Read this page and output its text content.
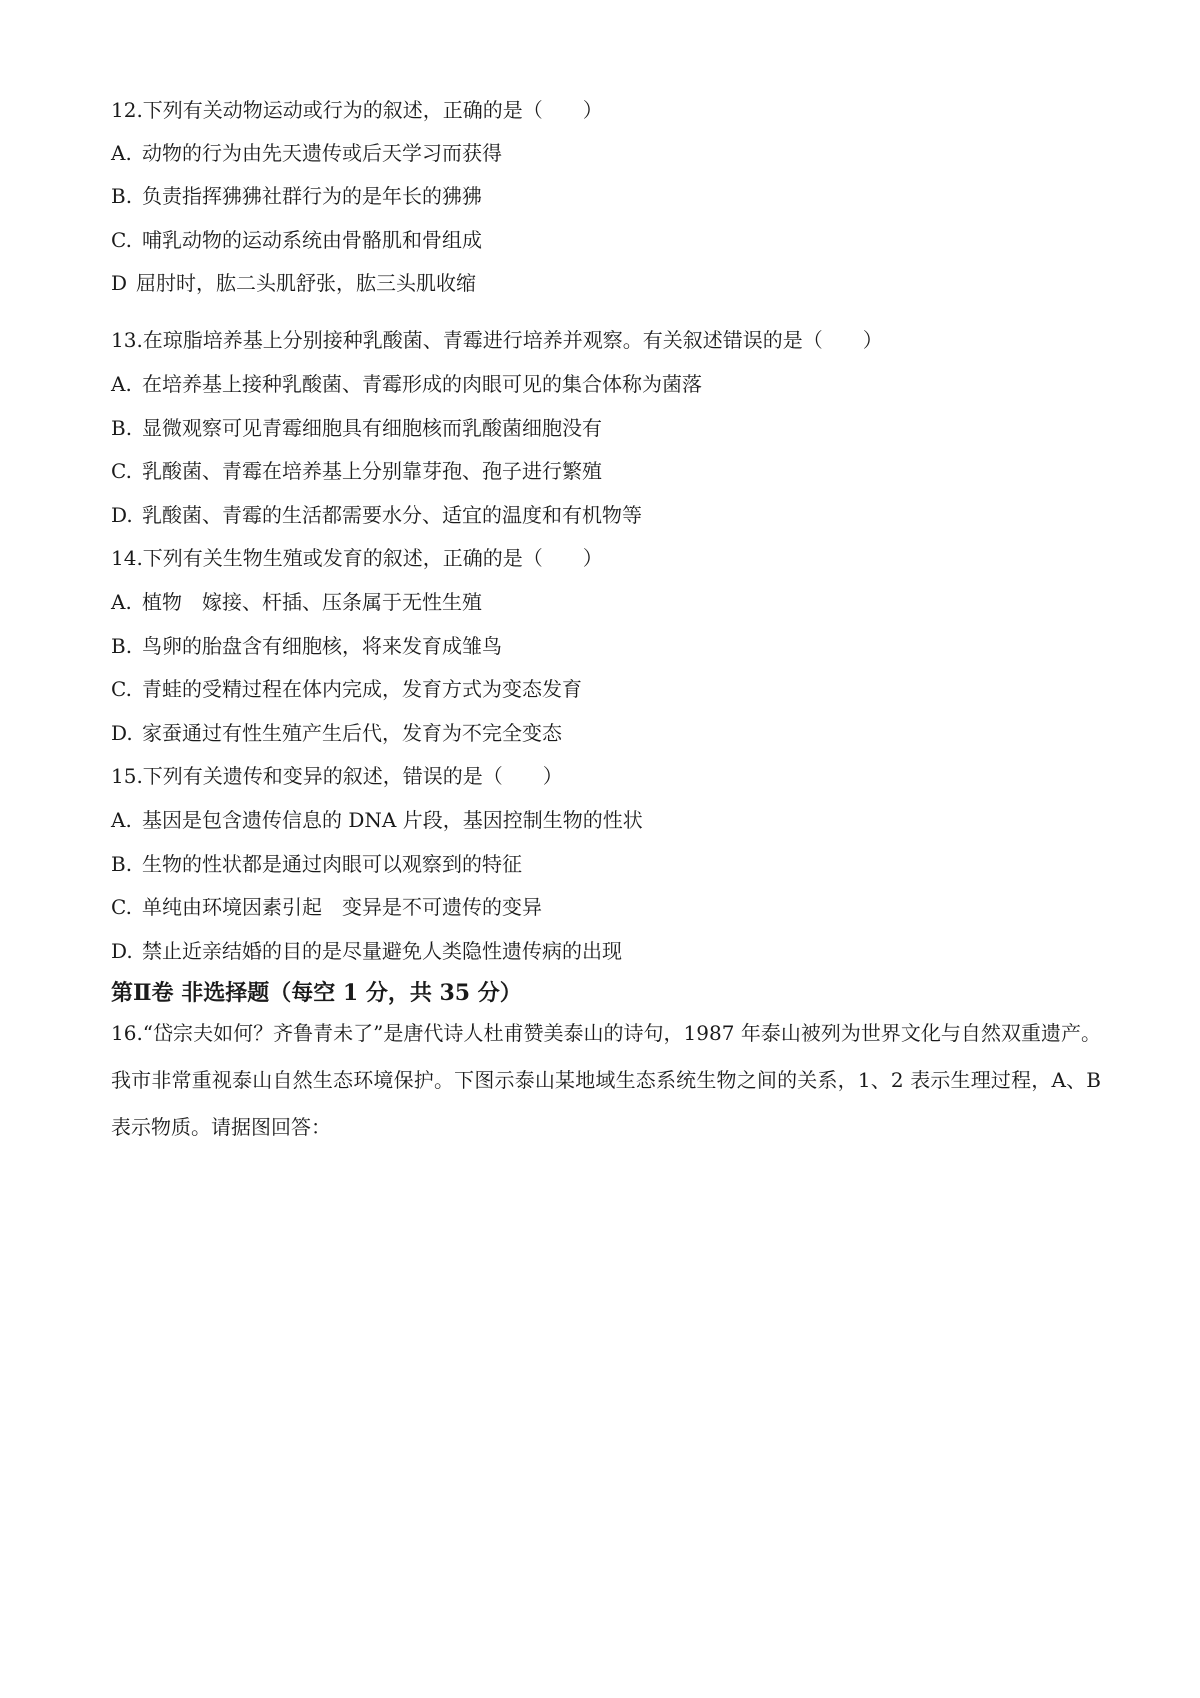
12.下列有关动物运动或行为的叙述，正确的是（　　）
A. 动物的行为由先天遗传或后天学习而获得
B. 负责指挥狒狒社群行为的是年长的狒狒
C. 哺乳动物的运动系统由骨骼肌和骨组成
D 屈肘时，肱二头肌舒张，肱三头肌收缩
13.在琼脂培养基上分别接种乳酸菌、青霉进行培养并观察。有关叙述错误的是（　　）
A. 在培养基上接种乳酸菌、青霉形成的肉眼可见的集合体称为菌落
B. 显微观察可见青霉细胞具有细胞核而乳酸菌细胞没有
C. 乳酸菌、青霉在培养基上分别靠芽孢、孢子进行繁殖
D. 乳酸菌、青霉的生活都需要水分、适宜的温度和有机物等
14.下列有关生物生殖或发育的叙述，正确的是（　　）
A. 植物　嫁接、杆插、压条属于无性生殖
B. 鸟卵的胎盘含有细胞核，将来发育成雏鸟
C. 青蛙的受精过程在体内完成，发育方式为变态发育
D. 家蚕通过有性生殖产生后代，发育为不完全变态
15.下列有关遗传和变异的叙述，错误的是（　　）
A. 基因是包含遗传信息的 DNA 片段，基因控制生物的性状
B. 生物的性状都是通过肉眼可以观察到的特征
C. 单纯由环境因素引起　变异是不可遗传的变异
D. 禁止近亲结婚的目的是尽量避免人类隐性遗传病的出现
第Ⅱ卷 非选择题（每空 1 分，共 35 分）
16.“岱宗夫如何？齐鲁青未了”是唐代诗人杜甫赞美泰山的诗句，1987 年泰山被列为世界文化与自然双重遗产。我市非常重视泰山自然生态环境保护。下图示泰山某地域生态系统生物之间的关系，1、2 表示生理过程，A、B 表示物质。请据图回答：
